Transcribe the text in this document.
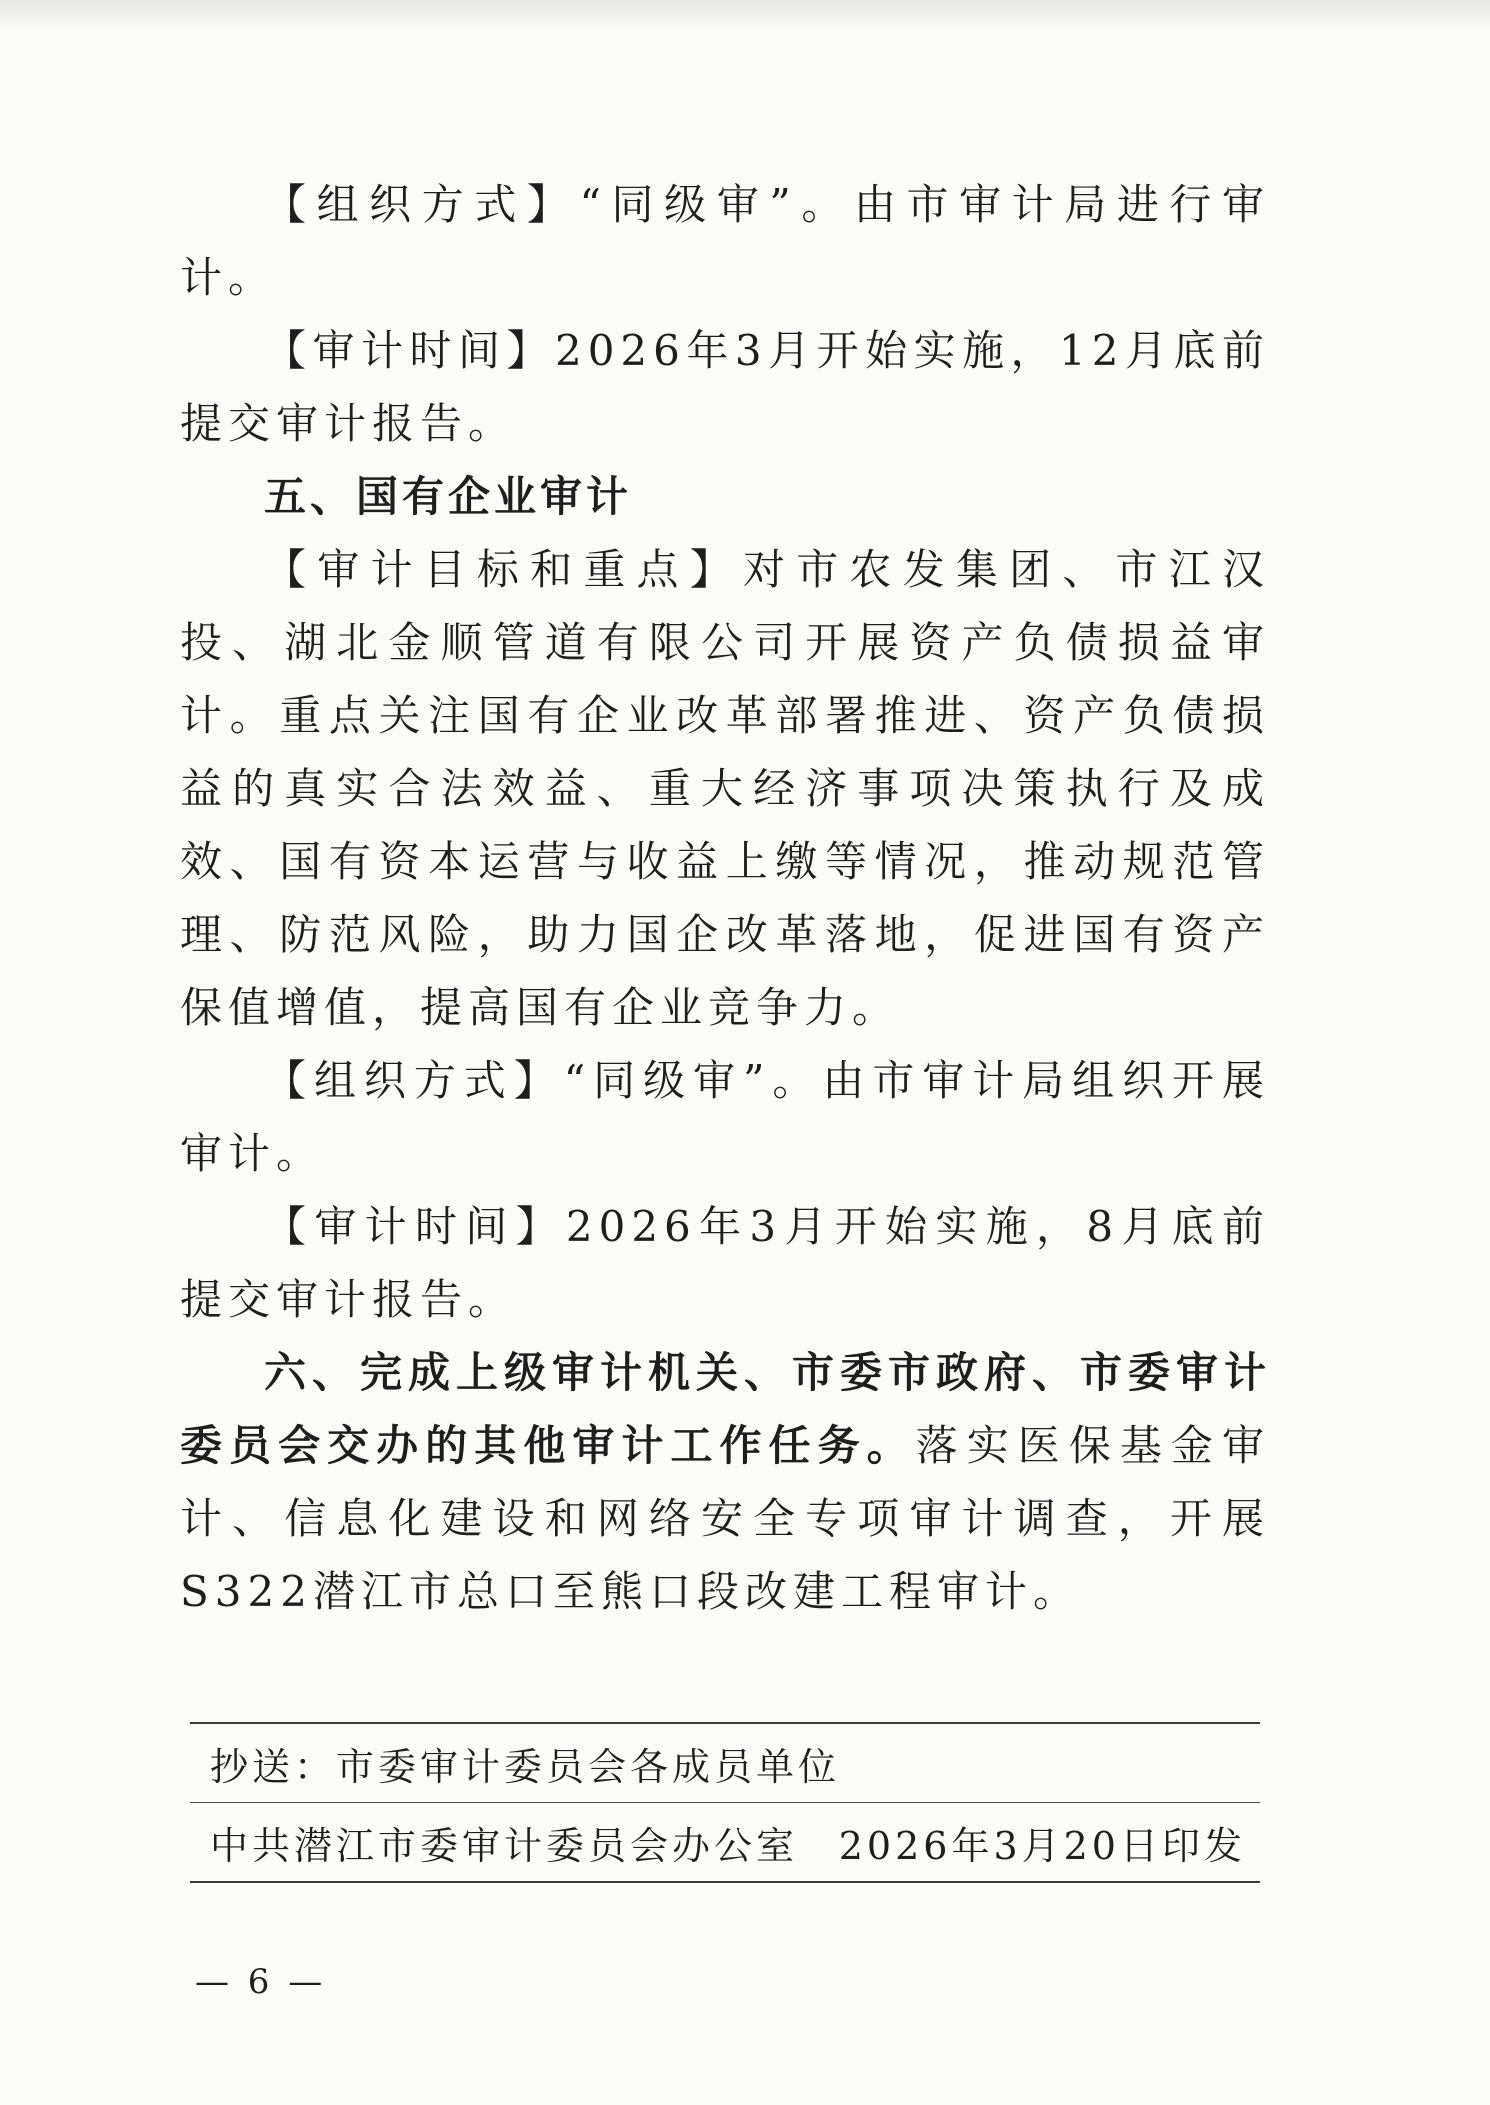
【组织方式】“同级审”。由市审计局进行审计。

【审计时间】2026年3月开始实施，12月底前提交审计报告。

五、国有企业审计

【审计目标和重点】对市农发集团、市江汉投、湖北金顺管道有限公司开展资产负债损益审计。重点关注国有企业改革部署推进、资产负债损益的真实合法效益、重大经济事项决策执行及成效、国有资本运营与收益上缴等情况，推动规范管理、防范风险，助力国企改革落地，促进国有资产保值增值，提高国有企业竞争力。

【组织方式】“同级审”。由市审计局组织开展审计。

【审计时间】2026年3月开始实施，8月底前提交审计报告。

六、完成上级审计机关、市委市政府、市委审计委员会交办的其他审计工作任务。落实医保基金审计、信息化建设和网络安全专项审计调查，开展S322潜江市总口至熊口段改建工程审计。

抄送：市委审计委员会各成员单位
中共潜江市委审计委员会办公室 2026年3月20日印发
— 6 —
